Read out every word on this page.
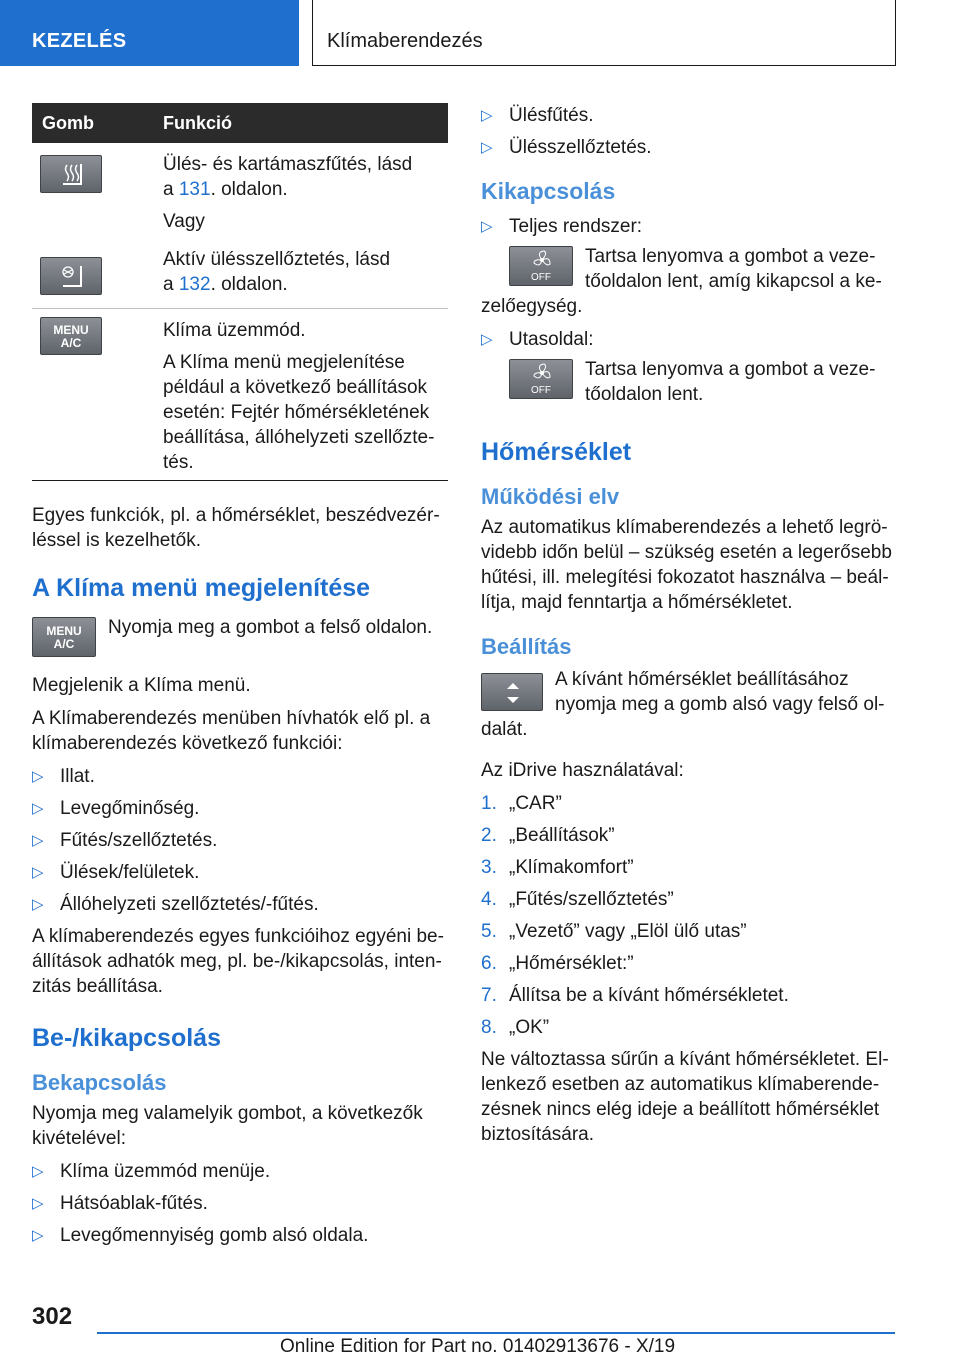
KEZELÉS	Klímaberendezés
Gomb	Funkció

Ülés- és kartámaszfűtés, lásd
a 131. oldalon.

Vagy

Aktív ülésszellőztetés, lásd
a 132. oldalon.

MENU
A/C

Klíma üzemmód.

A Klíma menü megjelenítése például a következő beállítások esetén: Fejtér hőmérsékletének beállítása, állóhelyzeti szellőztetés.

Egyes funkciók, pl. a hőmérséklet, beszédvezérléssel is kezelhetők.

A Klíma menü megjelenítése
MENU
A/C
Nyomja meg a gombot a felső oldalon.

Megjelenik a Klíma menü.

A Klímaberendezés menüben hívhatók elő pl. a klímaberendezés következő funkciói:

▷ Illat.
▷ Levegőminőség.
▷ Fűtés/szellőztetés.
▷ Ülések/felületek.
▷ Állóhelyzeti szellőztetés/-fűtés.

A klímaberendezés egyes funkcióihoz egyéni beállítások adhatók meg, pl. be-/kikapcsolás, intenzitás beállítása.

Be-/kikapcsolás
Bekapcsolás

Nyomja meg valamelyik gombot, a következők kivételével:

▷ Klíma üzemmód menüje.
▷ Hátsóablak-fűtés.
▷ Levegőmennyiség gomb alsó oldala.
▷ Ülésfűtés.
▷ Ülésszellőztetés.
Kikapcsolás
▷ Teljes rendszer:
OFF
Tartsa lenyomva a gombot a vezetőoldalon lent, amíg kikapcsol a kezelőegység.
▷ Utasoldal:
OFF
Tartsa lenyomva a gombot a vezetőoldalon lent.
Hőmérséklet
Működési elv

Az automatikus klímaberendezés a lehető legrövidebb időn belül – szükség esetén a legerősebb hűtési, ill. melegítési fokozatot használva – beállítja, majd fenntartja a hőmérsékletet.

Beállítás
A kívánt hőmérséklet beállításához nyomja meg a gomb alsó vagy felső oldalát.

Az iDrive használatával:

1. „CAR”
2. „Beállítások”
3. „Klímakomfort”
4. „Fűtés/szellőztetés”
5. „Vezető” vagy „Elöl ülő utas”
6. „Hőmérséklet:”
7. Állítsa be a kívánt hőmérsékletet.
8. „OK”

Ne változtassa sűrűn a kívánt hőmérsékletet. Ellenkező esetben az automatikus klímaberendezésnek nincs elég ideje a beállított hőmérséklet biztosítására.

302
Online Edition for Part no. 01402913676 - X/19
